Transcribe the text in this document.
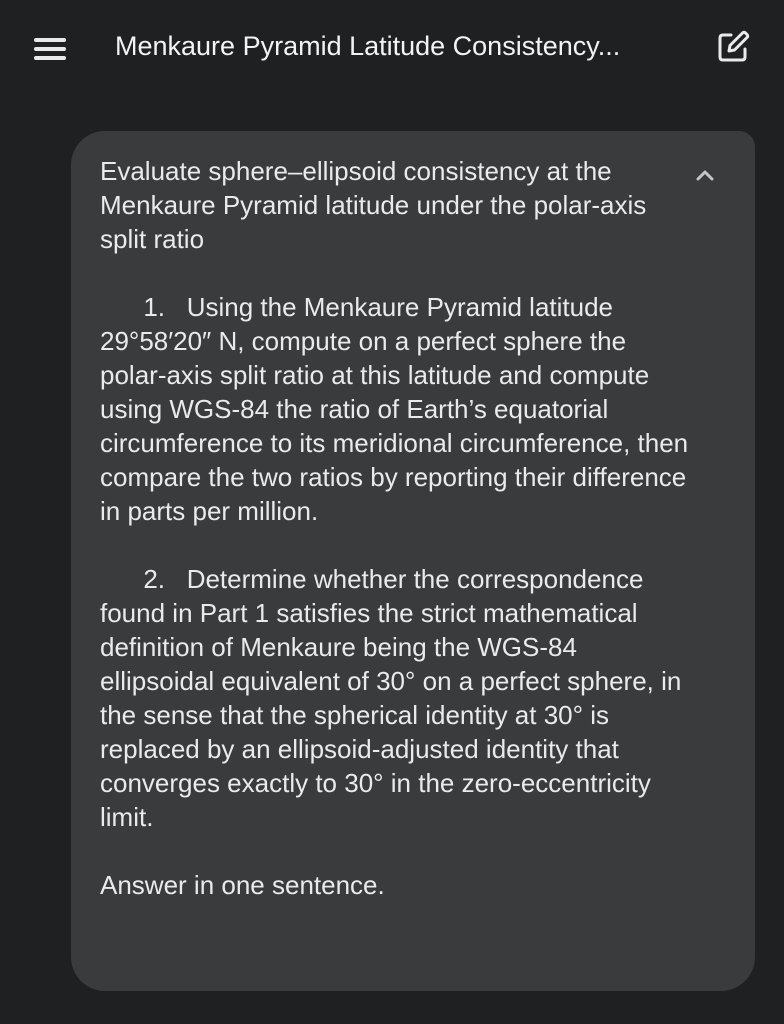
Menkaure Pyramid Latitude Consistency...

Evaluate sphere–ellipsoid consistency at the Menkaure Pyramid latitude under the polar-axis split ratio

1.   Using the Menkaure Pyramid latitude 29°58′20″ N, compute on a perfect sphere the polar-axis split ratio at this latitude and compute using WGS-84 the ratio of Earth’s equatorial circumference to its meridional circumference, then compare the two ratios by reporting their difference in parts per million.

2.   Determine whether the correspondence found in Part 1 satisfies the strict mathematical definition of Menkaure being the WGS-84 ellipsoidal equivalent of 30° on a perfect sphere, in the sense that the spherical identity at 30° is replaced by an ellipsoid-adjusted identity that converges exactly to 30° in the zero-eccentricity limit.

Answer in one sentence.
